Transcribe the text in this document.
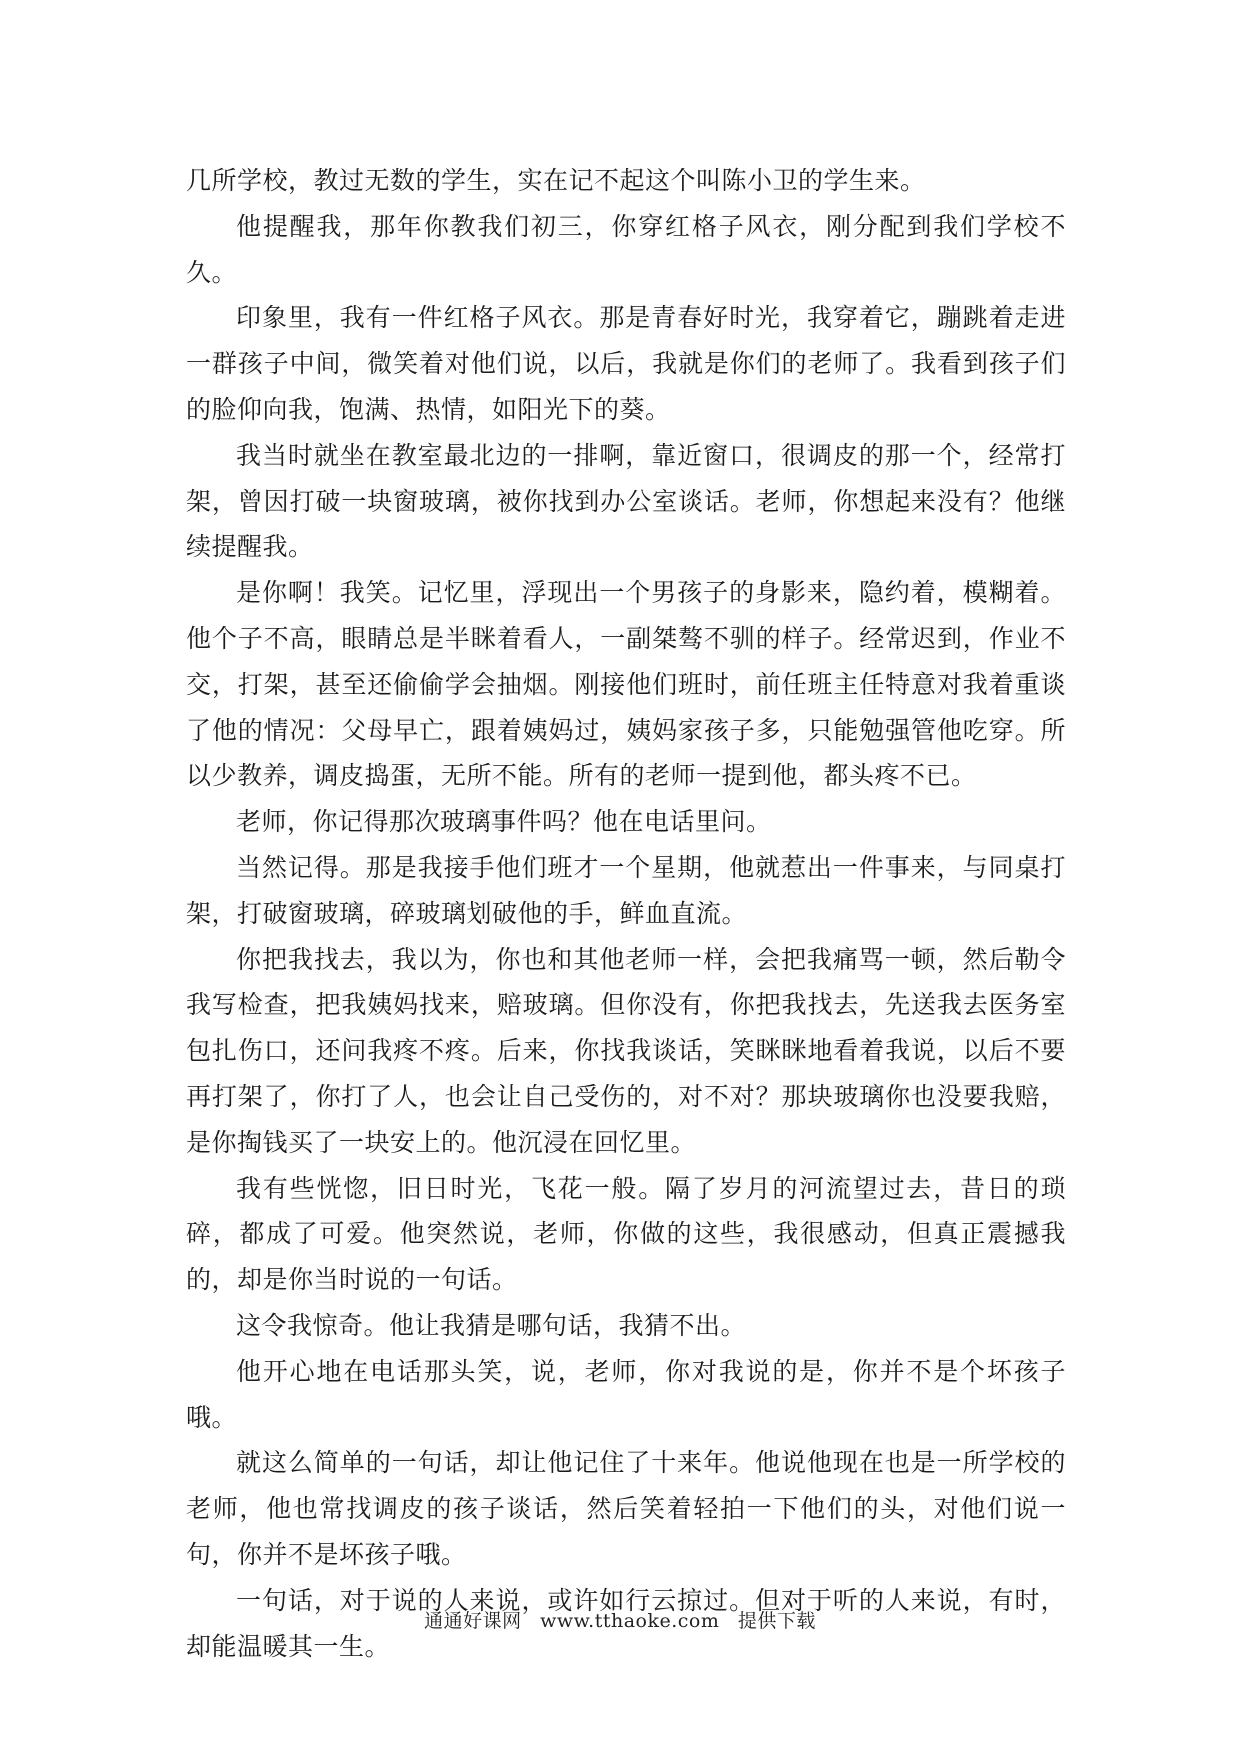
几所学校，教过无数的学生，实在记不起这个叫陈小卫的学生来。

他提醒我，那年你教我们初三，你穿红格子风衣，刚分配到我们学校不久。

印象里，我有一件红格子风衣。那是青春好时光，我穿着它，蹦跳着走进一群孩子中间，微笑着对他们说，以后，我就是你们的老师了。我看到孩子们的脸仰向我，饱满、热情，如阳光下的葵。

我当时就坐在教室最北边的一排啊，靠近窗口，很调皮的那一个，经常打架，曾因打破一块窗玻璃，被你找到办公室谈话。老师，你想起来没有？他继续提醒我。

是你啊！我笑。记忆里，浮现出一个男孩子的身影来，隐约着，模糊着。他个子不高，眼睛总是半眯着看人，一副桀骜不驯的样子。经常迟到，作业不交，打架，甚至还偷偷学会抽烟。刚接他们班时，前任班主任特意对我着重谈了他的情况：父母早亡，跟着姨妈过，姨妈家孩子多，只能勉强管他吃穿。所以少教养，调皮捣蛋，无所不能。所有的老师一提到他，都头疼不已。

老师，你记得那次玻璃事件吗？他在电话里问。

当然记得。那是我接手他们班才一个星期，他就惹出一件事来，与同桌打架，打破窗玻璃，碎玻璃划破他的手，鲜血直流。

你把我找去，我以为，你也和其他老师一样，会把我痛骂一顿，然后勒令我写检查，把我姨妈找来，赔玻璃。但你没有，你把我找去，先送我去医务室包扎伤口，还问我疼不疼。后来，你找我谈话，笑眯眯地看着我说，以后不要再打架了，你打了人，也会让自己受伤的，对不对？那块玻璃你也没要我赔，是你掏钱买了一块安上的。他沉浸在回忆里。

我有些恍惚，旧日时光，飞花一般。隔了岁月的河流望过去，昔日的琐碎，都成了可爱。他突然说，老师，你做的这些，我很感动，但真正震撼我的，却是你当时说的一句话。

这令我惊奇。他让我猜是哪句话，我猜不出。

他开心地在电话那头笑，说，老师，你对我说的是，你并不是个坏孩子哦。

就这么简单的一句话，却让他记住了十来年。他说他现在也是一所学校的老师，他也常找调皮的孩子谈话，然后笑着轻拍一下他们的头，对他们说一句，你并不是坏孩子哦。

一句话，对于说的人来说，或许如行云掠过。但对于听的人来说，有时，却能温暖其一生。

通通好课网 www.tthaoke.com 提供下载
